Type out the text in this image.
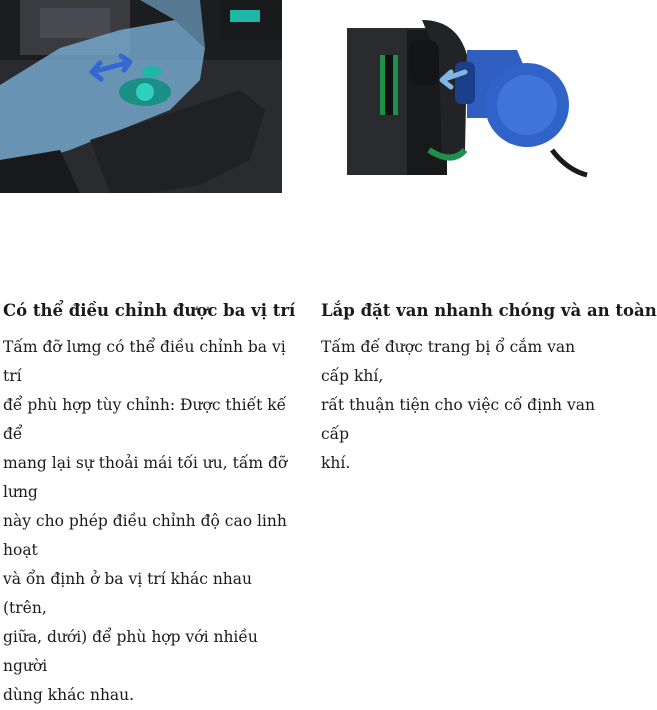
Có thể điều chỉnh được ba vị trí

Tấm đỡ lưng có thể điều chỉnh ba vị trí
để phù hợp tùy chỉnh: Được thiết kế để
mang lại sự thoải mái tối ưu, tấm đỡ lưng
này cho phép điều chỉnh độ cao linh hoạt
và ổn định ở ba vị trí khác nhau (trên,
giữa, dưới) để phù hợp với nhiều người
dùng khác nhau.

Lắp đặt van nhanh chóng và an toàn

Tấm đế được trang bị ổ cắm van cấp khí,
rất thuận tiện cho việc cố định van cấp
khí.
